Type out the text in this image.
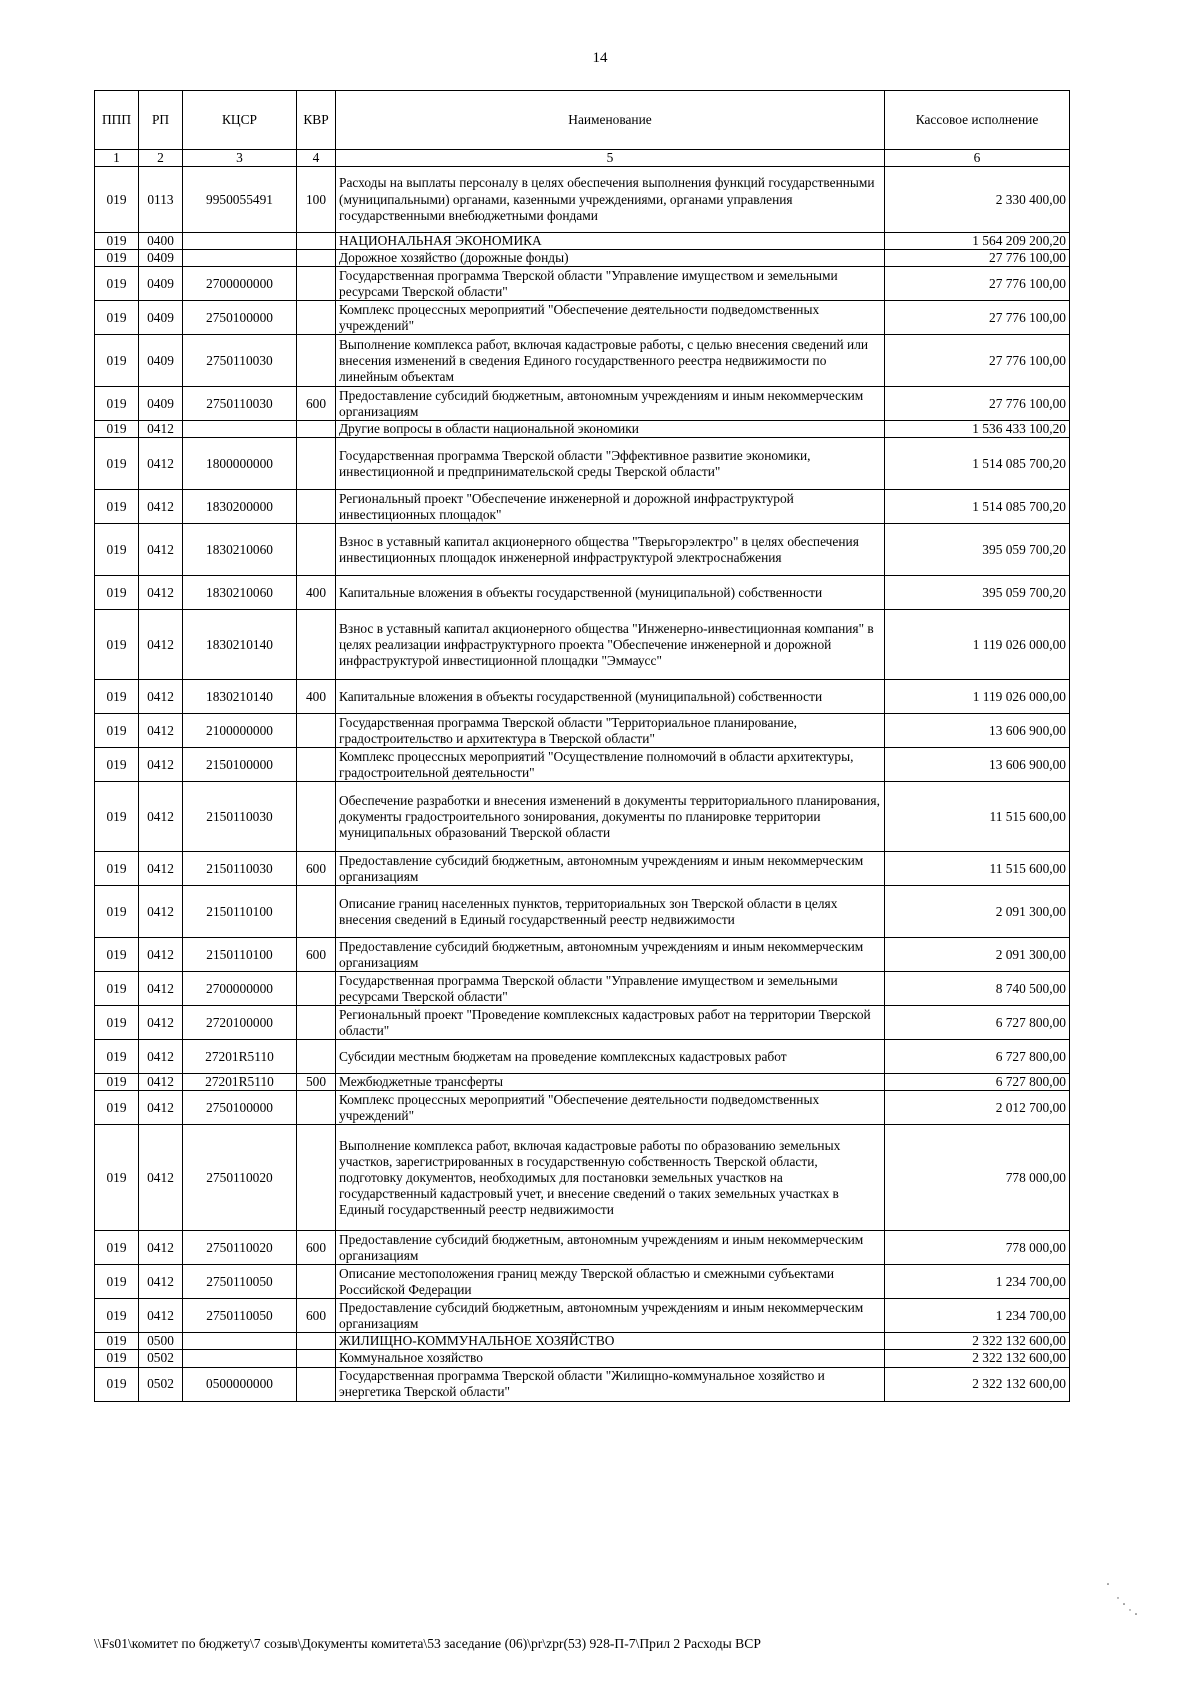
14
ППП	РП	КЦСР	КВР	Наименование	Кассовое исполнение
1	2	3	4	5	6
019	0113	9950055491	100	Расходы на выплаты персоналу в целях обеспечения выполнения функций государственными (муниципальными) органами, казенными учреждениями, органами управления государственными внебюджетными фондами	2 330 400,00
019	0400			НАЦИОНАЛЬНАЯ ЭКОНОМИКА	1 564 209 200,20
019	0409			Дорожное хозяйство (дорожные фонды)	27 776 100,00
019	0409	2700000000		Государственная программа Тверской области "Управление имуществом и земельными ресурсами Тверской области"	27 776 100,00
019	0409	2750100000		Комплекс процессных мероприятий "Обеспечение деятельности подведомственных учреждений"	27 776 100,00
019	0409	2750110030		Выполнение комплекса работ, включая кадастровые работы, с целью внесения сведений или внесения изменений в сведения Единого государственного реестра недвижимости по линейным объектам	27 776 100,00
019	0409	2750110030	600	Предоставление субсидий бюджетным, автономным учреждениям и иным некоммерческим организациям	27 776 100,00
019	0412			Другие вопросы в области национальной экономики	1 536 433 100,20
019	0412	1800000000		Государственная программа Тверской области "Эффективное развитие экономики, инвестиционной и предпринимательской среды Тверской области"	1 514 085 700,20
019	0412	1830200000		Региональный проект "Обеспечение инженерной и дорожной инфраструктурой инвестиционных площадок"	1 514 085 700,20
019	0412	1830210060		Взнос в уставный капитал акционерного общества "Тверьгорэлектро" в целях обеспечения инвестиционных площадок инженерной инфраструктурой электроснабжения	395 059 700,20
019	0412	1830210060	400	Капитальные вложения в объекты государственной (муниципальной) собственности	395 059 700,20
019	0412	1830210140		Взнос в уставный капитал акционерного общества "Инженерно-инвестиционная компания" в целях реализации инфраструктурного проекта "Обеспечение инженерной и дорожной инфраструктурой инвестиционной площадки "Эммаусс"	1 119 026 000,00
019	0412	1830210140	400	Капитальные вложения в объекты государственной (муниципальной) собственности	1 119 026 000,00
019	0412	2100000000		Государственная программа Тверской области "Территориальное планирование, градостроительство и архитектура в Тверской области"	13 606 900,00
019	0412	2150100000		Комплекс процессных мероприятий "Осуществление полномочий в области архитектуры, градостроительной деятельности"	13 606 900,00
019	0412	2150110030		Обеспечение разработки и внесения изменений в документы территориального планирования, документы градостроительного зонирования, документы по планировке территории муниципальных образований Тверской области	11 515 600,00
019	0412	2150110030	600	Предоставление субсидий бюджетным, автономным учреждениям и иным некоммерческим организациям	11 515 600,00
019	0412	2150110100		Описание границ населенных пунктов, территориальных зон Тверской области в целях внесения сведений в Единый государственный реестр недвижимости	2 091 300,00
019	0412	2150110100	600	Предоставление субсидий бюджетным, автономным учреждениям и иным некоммерческим организациям	2 091 300,00
019	0412	2700000000		Государственная программа Тверской области "Управление имуществом и земельными ресурсами Тверской области"	8 740 500,00
019	0412	2720100000		Региональный проект "Проведение комплексных кадастровых работ на территории Тверской области"	6 727 800,00
019	0412	27201R5110		Субсидии местным бюджетам на проведение комплексных кадастровых работ	6 727 800,00
019	0412	27201R5110	500	Межбюджетные трансферты	6 727 800,00
019	0412	2750100000		Комплекс процессных мероприятий "Обеспечение деятельности подведомственных учреждений"	2 012 700,00
019	0412	2750110020		Выполнение комплекса работ, включая кадастровые работы по образованию земельных участков, зарегистрированных в государственную собственность Тверской области, подготовку документов, необходимых для постановки земельных участков на государственный кадастровый учет, и внесение сведений о таких земельных участках в Единый государственный реестр недвижимости	778 000,00
019	0412	2750110020	600	Предоставление субсидий бюджетным, автономным учреждениям и иным некоммерческим организациям	778 000,00
019	0412	2750110050		Описание местоположения границ между Тверской областью и смежными субъектами Российской Федерации	1 234 700,00
019	0412	2750110050	600	Предоставление субсидий бюджетным, автономным учреждениям и иным некоммерческим организациям	1 234 700,00
019	0500			ЖИЛИЩНО-КОММУНАЛЬНОЕ ХОЗЯЙСТВО	2 322 132 600,00
019	0502			Коммунальное хозяйство	2 322 132 600,00
019	0502	0500000000		Государственная программа Тверской области "Жилищно-коммунальное хозяйство и энергетика Тверской области"	2 322 132 600,00
\\Fs01\комитет по бюджету\7 созыв\Документы комитета\53 заседание (06)\pr\zpr(53) 928-П-7\Прил 2 Расходы ВСР
